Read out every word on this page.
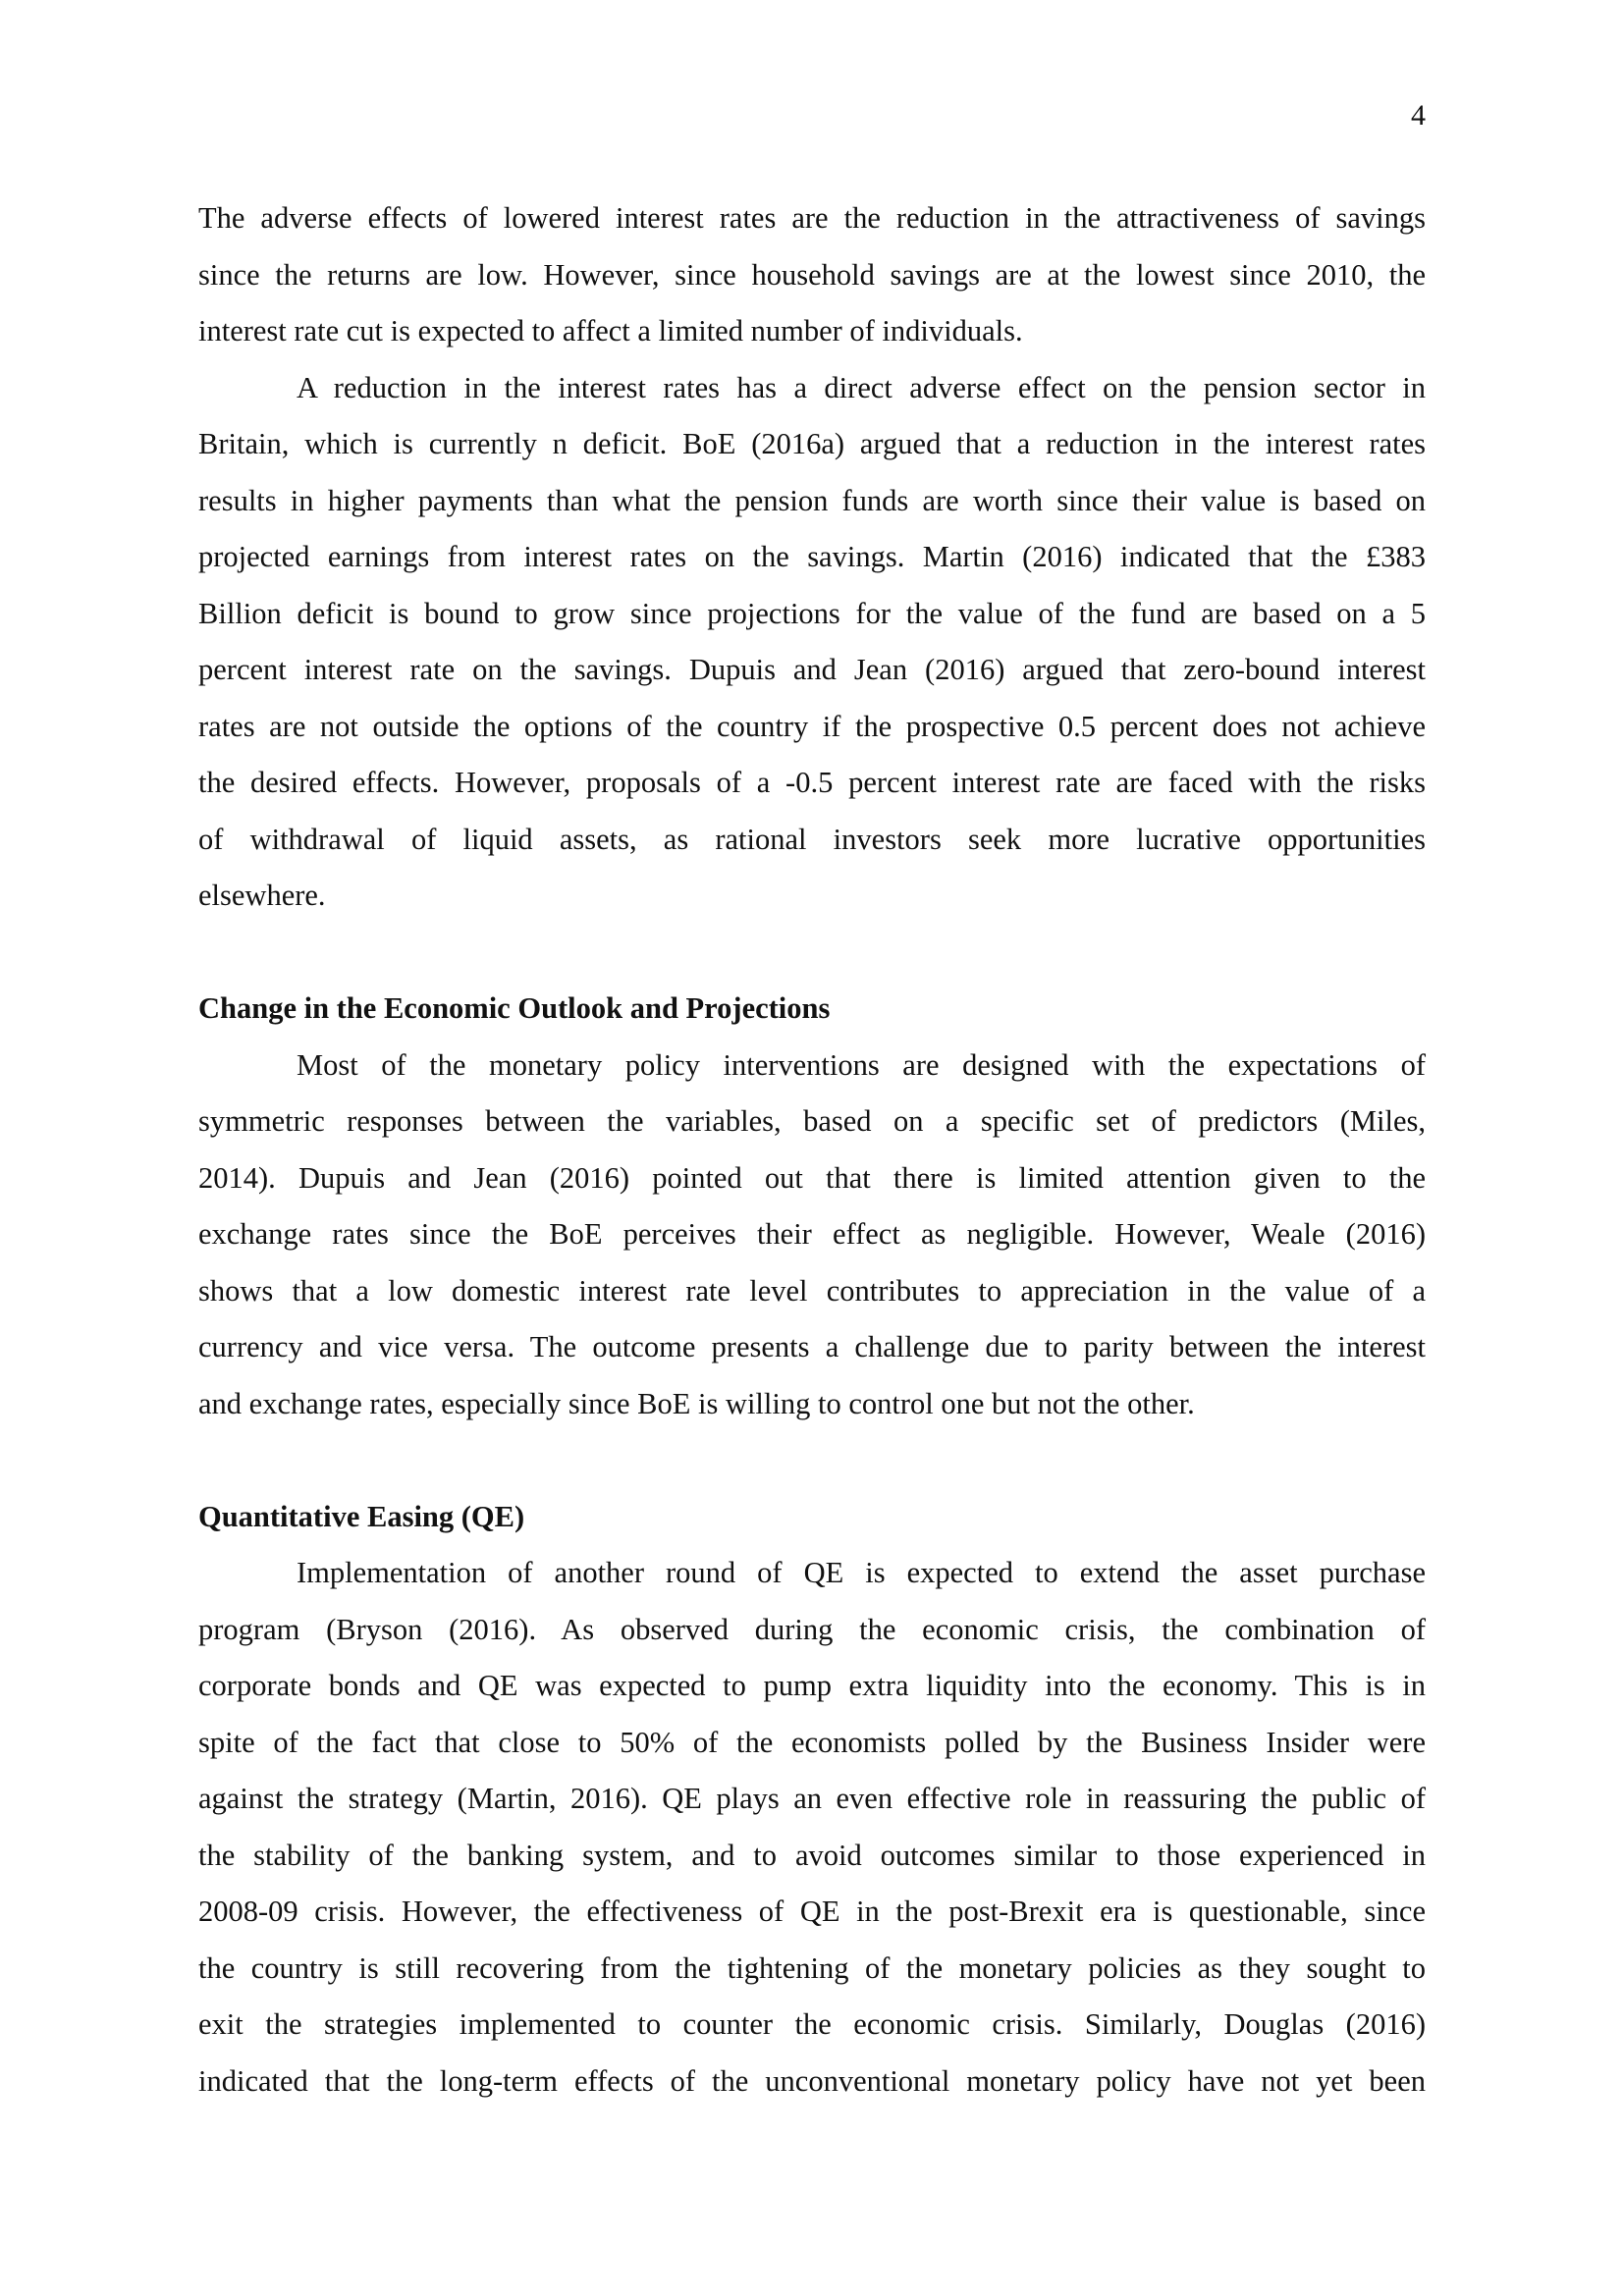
4
The adverse effects of lowered interest rates are the reduction in the attractiveness of savings
since the returns are low. However, since household savings are at the lowest since 2010, the
interest rate cut is expected to affect a limited number of individuals.
A reduction in the interest rates has a direct adverse effect on the pension sector in
Britain, which is currently n deficit. BoE (2016a) argued that a reduction in the interest rates
results in higher payments than what the pension funds are worth since their value is based on
projected earnings from interest rates on the savings. Martin (2016) indicated that the £383
Billion deficit is bound to grow since projections for the value of the fund are based on a 5
percent interest rate on the savings. Dupuis and Jean (2016) argued that zero-bound interest
rates are not outside the options of the country if the prospective 0.5 percent does not achieve
the desired effects. However, proposals of a -0.5 percent interest rate are faced with the risks
of withdrawal of liquid assets, as rational investors seek more lucrative opportunities
elsewhere.
Change in the Economic Outlook and Projections
Most of the monetary policy interventions are designed with the expectations of
symmetric responses between the variables, based on a specific set of predictors (Miles,
2014). Dupuis and Jean (2016) pointed out that there is limited attention given to the
exchange rates since the BoE perceives their effect as negligible. However, Weale (2016)
shows that a low domestic interest rate level contributes to appreciation in the value of a
currency and vice versa. The outcome presents a challenge due to parity between the interest
and exchange rates, especially since BoE is willing to control one but not the other.
Quantitative Easing (QE)
Implementation of another round of QE is expected to extend the asset purchase
program (Bryson (2016). As observed during the economic crisis, the combination of
corporate bonds and QE was expected to pump extra liquidity into the economy. This is in
spite of the fact that close to 50% of the economists polled by the Business Insider were
against the strategy (Martin, 2016). QE plays an even effective role in reassuring the public of
the stability of the banking system, and to avoid outcomes similar to those experienced in
2008-09 crisis. However, the effectiveness of QE in the post-Brexit era is questionable, since
the country is still recovering from the tightening of the monetary policies as they sought to
exit the strategies implemented to counter the economic crisis. Similarly, Douglas (2016)
indicated that the long-term effects of the unconventional monetary policy have not yet been
